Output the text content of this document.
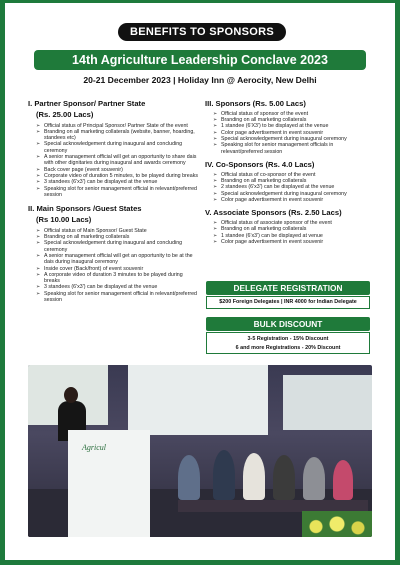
BENEFITS TO SPONSORS
14th Agriculture Leadership Conclave 2023
20-21 December 2023 | Holiday Inn @ Aerocity, New Delhi
I. Partner Sponsor/ Partner State
(Rs. 25.00 Lacs)
➢ Official status of Principal Sponsor/ Partner State of the event
➢ Branding on all marketing collaterals (website, banner, hoarding, standees etc)
➢ Special acknowledgement during inaugural and concluding ceremony
➢ A senior management official will get an opportunity to share dais with other dignitaries during inaugural and awards ceremony
➢ Back cover page (event souvenir)
➢ Corporate video of duration 5 minutes, to be played during breaks
➢ 3 standees (6'x3') can be displayed at the venue
➢ Speaking slot for senior management official in relevant/preferred session
II. Main Sponsors /Guest States
(Rs 10.00 Lacs)
➢ Official status of Main Sponsor/ Guest State
➢ Branding on all marketing collaterals
➢ Special acknowledgement during inaugural and concluding ceremony
➢ A senior management official will get an opportunity to be at the dais during inaugural ceremony
➢ Inside cover (Back/front) of event souvenir
➢ A corporate video of duration 3 minutes to be played during breaks
➢ 3 standees (6'x3') can be displayed at the venue
➢ Speaking slot for senior management official in relevant/preferred session
III. Sponsors (Rs. 5.00 Lacs)
➢ Official status of sponsor of the event
➢ Branding on all marketing collaterals
➢ 1 standee (6'X3') to be displayed at the venue
➢ Color page advertisement in event souvenir
➢ Special acknowledgement during inaugural ceremony
➢ Speaking slot for senior management officials in relevant/preferred session
IV. Co-Sponsors (Rs. 4.0 Lacs)
➢ Official status of co-sponsor of the event
➢ Branding on all marketing collaterals
➢ 2 standees (6'x3') can be displayed at the venue
➢ Special acknowledgement during inaugural ceremony
➢ Color page advertisement in event souvenir
V. Associate Sponsors (Rs. 2.50 Lacs)
➢ Official status of associate sponsor of the event
➢ Branding on all marketing collaterals
➢ 1 standee (6'x3') can be displayed at venue
➢ Color page advertisement in event souvenir
DELEGATE REGISTRATION
$200 Foreign Delegates | INR 4000 for Indian Delegate
BULK DISCOUNT
3-5 Registration - 15% Discount
6 and more Registrations - 20% Discount
Agricul
